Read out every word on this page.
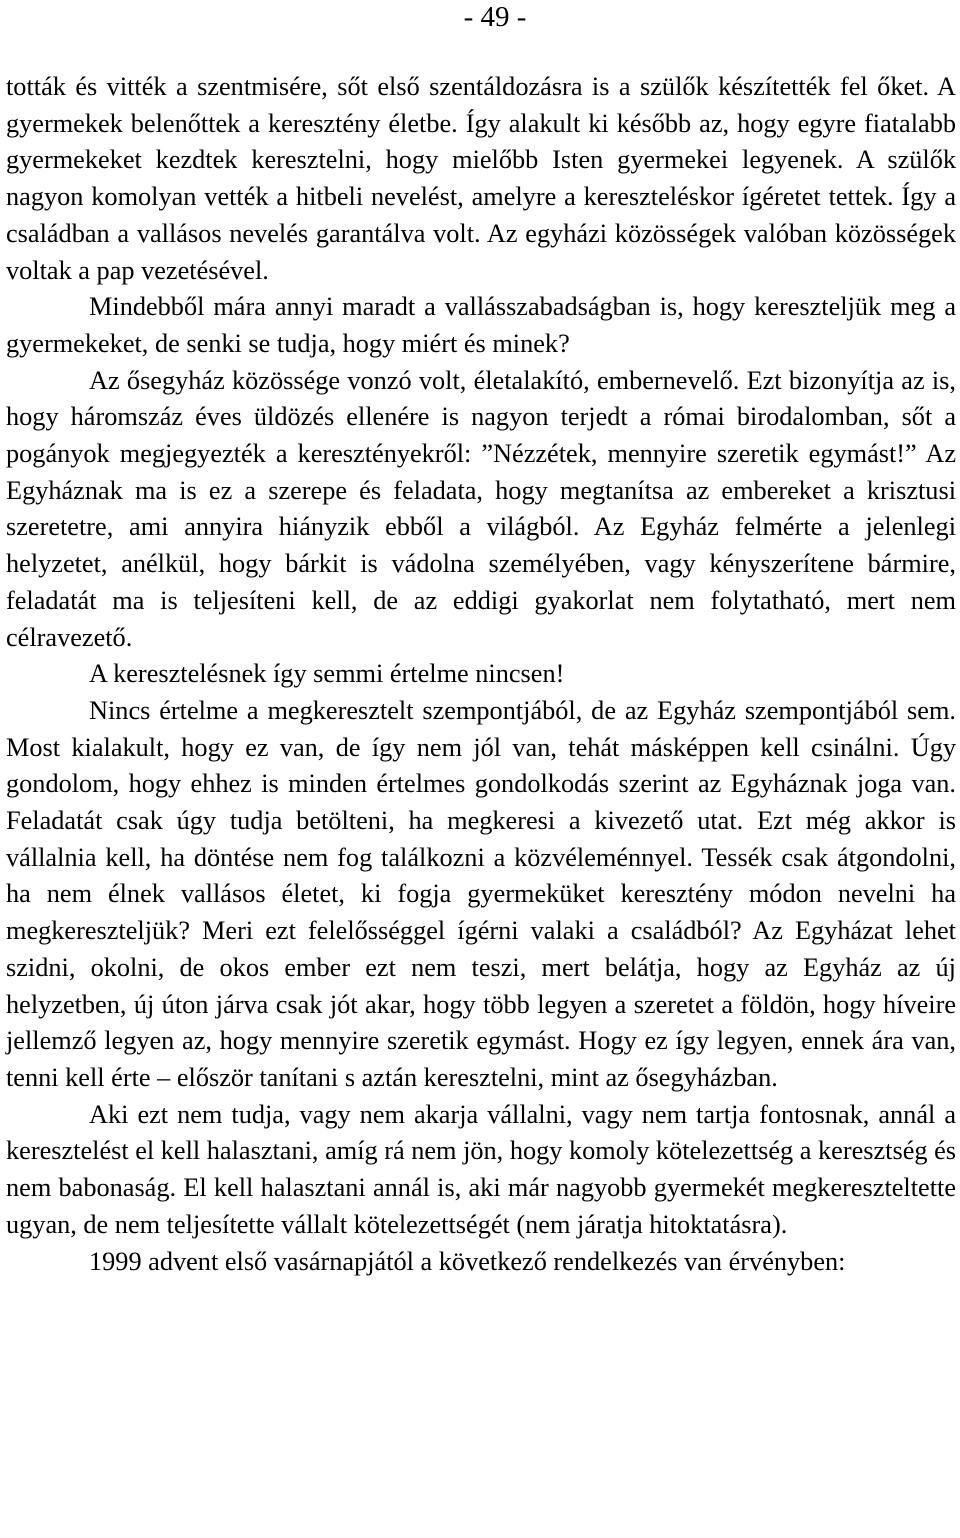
- 49 -

tották és vitték a szentmisére, sőt első szentáldozásra is a szülők készítették fel őket. A gyermekek belenőttek a keresztény életbe. Így alakult ki később az, hogy egyre fiatalabb gyermekeket kezdtek keresztelni, hogy mielőbb Isten gyermekei legyenek. A szülők nagyon komolyan vették a hitbeli nevelést, amelyre a kereszteléskor ígéretet tettek. Így a családban a vallásos nevelés garantálva volt. Az egyházi közösségek valóban közösségek voltak a pap vezetésével.

Mindebből mára annyi maradt a vallásszabadságban is, hogy kereszteljük meg a gyermekeket, de senki se tudja, hogy miért és minek?

Az ősegyház közössége vonzó volt, életalakító, embernevelő. Ezt bizonyítja az is, hogy háromszáz éves üldözés ellenére is nagyon terjedt a római birodalomban, sőt a pogányok megjegyezték a keresztényekről: ”Nézzétek, mennyire szeretik egymást!” Az Egyháznak ma is ez a szerepe és feladata, hogy megtanítsa az embereket a krisztusi szeretetre, ami annyira hiányzik ebből a világból. Az Egyház felmérte a jelenlegi helyzetet, anélkül, hogy bárkit is vádolna személyében, vagy kényszerítene bármire, feladatát ma is teljesíteni kell, de az eddigi gyakorlat nem folytatható, mert nem célravezető.

A keresztelésnek így semmi értelme nincsen!

Nincs értelme a megkeresztelt szempontjából, de az Egyház szempontjából sem. Most kialakult, hogy ez van, de így nem jól van, tehát másképpen kell csinálni. Úgy gondolom, hogy ehhez is minden értelmes gondolkodás szerint az Egyháznak joga van. Feladatát csak úgy tudja betölteni, ha megkeresi a kivezető utat. Ezt még akkor is vállalnia kell, ha döntése nem fog találkozni a közvéleménnyel. Tessék csak átgondolni, ha nem élnek vallásos életet, ki fogja gyermeküket keresztény módon nevelni ha megkereszteljük? Meri ezt felelősséggel ígérni valaki a családból? Az Egyházat lehet szidni, okolni, de okos ember ezt nem teszi, mert belátja, hogy az Egyház az új helyzetben, új úton járva csak jót akar, hogy több legyen a szeretet a földön, hogy híveire jellemző legyen az, hogy mennyire szeretik egymást. Hogy ez így legyen, ennek ára van, tenni kell érte – először tanítani s aztán keresztelni, mint az ősegyházban.

Aki ezt nem tudja, vagy nem akarja vállalni, vagy nem tartja fontosnak, annál a keresztelést el kell halasztani, amíg rá nem jön, hogy komoly kötelezettség a keresztség és nem babonaság. El kell halasztani annál is, aki már nagyobb gyermekét megkereszteltette ugyan, de nem teljesítette vállalt kötelezettségét (nem járatja hitoktatásra).

1999 advent első vasárnapjától a következő rendelkezés van érvényben:
